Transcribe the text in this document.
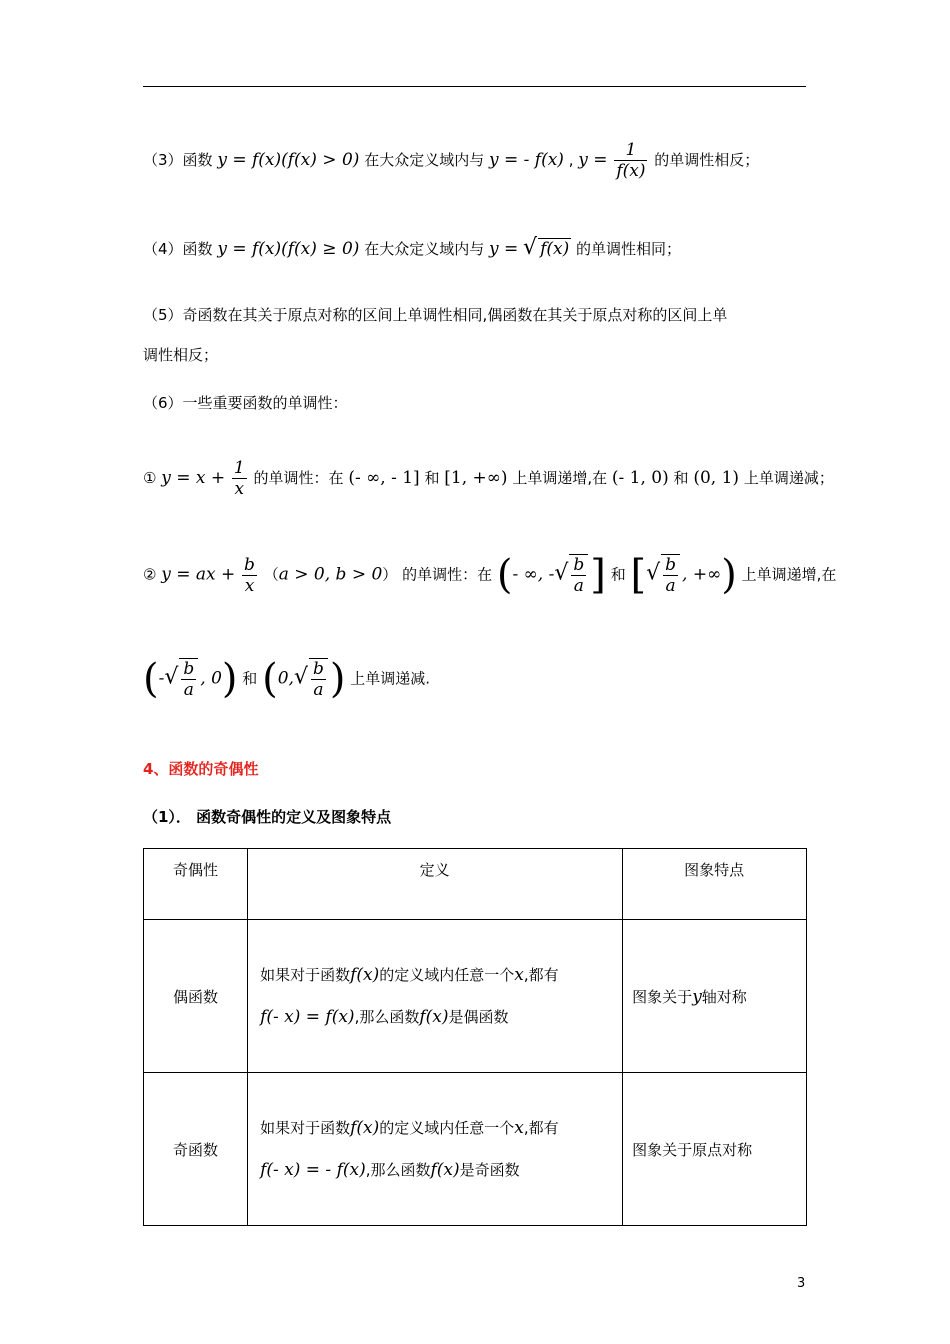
（3）函数 y = f(x)(f(x) > 0) 在大众定义域内与 y = - f(x) , $y = \frac{1}{f(x)}$ 的单调性相反；
（4）函数 y = f(x)(f(x) ≥ 0) 在大众定义域内与 y = √ f(x) 的单调性相同；
（5）奇函数在其关于原点对称的区间上单调性相同,偶函数在其关于原点对称的区间上单
调性相反；
（6）一些重要函数的单调性：
① $y = x + \frac{1}{x}$ 的单调性：在 (- ∞, - 1] 和 [1, +∞) 上单调递增,在 (- 1, 0) 和 (0, 1) 上单调递减；
② y = ax + $\frac{b}{x} (a > 0$, b > 0） 的单调性：在 (- ∞, -√ $\frac{b}{a}$ ] 和 [√ $\frac{b}{a}$ , +∞) 上单调递增,在
(-√ $\frac{b}{a}$ , 0) 和 ($0,√ \frac{b}{a}$ ) 上单调递减.
4、函数的奇偶性
（1）． 函数奇偶性的定义及图象特点
奇偶性	定义	图象特点
偶函数	如果对于函数f(x)的定义域内任意一个x,都有
f(- x) = f(x),那么函数f(x)是偶函数	图象关于y轴对称
奇函数	如果对于函数f(x)的定义域内任意一个x,都有
f(- x) = - f(x),那么函数f(x)是奇函数	图象关于原点对称
3
